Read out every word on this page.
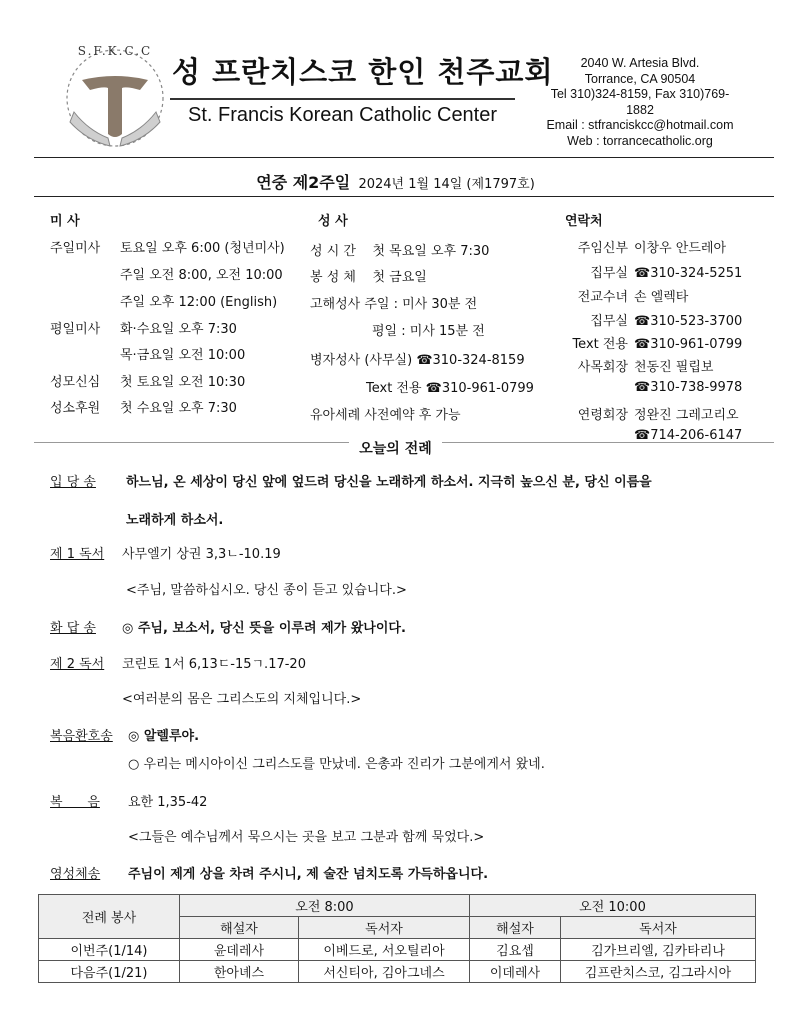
S.F.K.C.C
성 프란치스코 한인 천주교회
St. Francis Korean Catholic Center
2040 W. Artesia Blvd.
Torrance, CA 90504
Tel 310)324-8159, Fax 310)769-1882
Email : stfranciskcc@hotmail.com
Web : torrancecatholic.org
연중 제2주일 2024년 1월 14일 (제1797호)
미 사
주일미사 토요일 오후 6:00 (청년미사)
주일 오전 8:00, 오전 10:00
주일 오후 12:00 (English)
평일미사 화·수요일 오후 7:30
목·금요일 오전 10:00
성모신심 첫 토요일 오전 10:30
성소후원 첫 수요일 오후 7:30
성 사
성 시 간    첫 목요일 오후 7:30
봉 성 체    첫 금요일
고해성사 주일 : 미사 30분 전
평일 : 미사 15분 전
병자성사 (사무실) ☎310-324-8159
Text 전용 ☎310-961-0799
유아세례 사전예약 후 가능
연락처
주임신부 이창우 안드레아
집무실 ☎310-324-5251
전교수녀 손 엘렉타
집무실 ☎310-523-3700
Text 전용 ☎310-961-0799
사목회장 천동진 필립보
☎310-738-9978
연령회장 정완진 그레고리오
☎714-206-6147
오늘의 전례
입 당 송 하느님, 온 세상이 당신 앞에 엎드려 당신을 노래하게 하소서. 지극히 높으신 분, 당신 이름을
노래하게 하소서.
제 1 독서 사무엘기 상권 3,3ㄴ-10.19
<주님, 말씀하십시오. 당신 종이 듣고 있습니다.>
화 답 송 ◎ 주님, 보소서, 당신 뜻을 이루려 제가 왔나이다.
제 2 독서 코린토 1서 6,13ㄷ-15ㄱ.17-20
<여러분의 몸은 그리스도의 지체입니다.>
복음환호송 ◎ 알렐루야.
○ 우리는 메시아이신 그리스도를 만났네. 은총과 진리가 그분에게서 왔네.
복      음 요한 1,35-42
<그들은 예수님께서 묵으시는 곳을 보고 그분과 함께 묵었다.>
영성체송 주님이 제게 상을 차려 주시니, 제 술잔 넘치도록 가득하옵니다.
전례 봉사	오전 8:00		오전 10:00	
	해설자	독서자	해설자	독서자
이번주(1/14)	윤데레사	이베드로, 서오틸리아	김요셉	김가브리엘, 김카타리나
다음주(1/21)	한아녜스	서신티아, 김아그네스	이데레사	김프란치스코, 김그라시아
